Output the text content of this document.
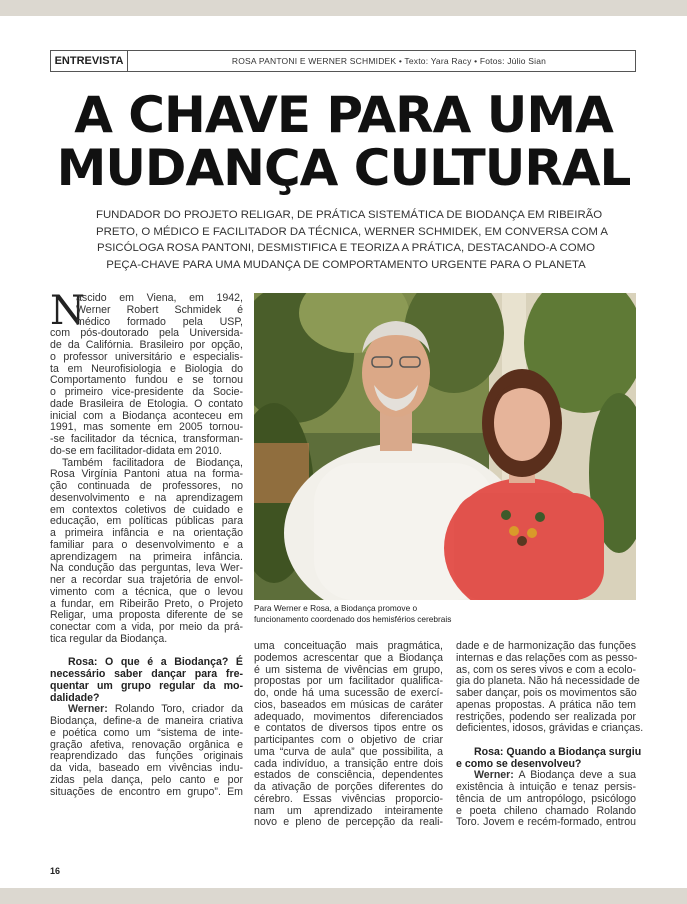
ENTREVISTA	ROSA PANTONI E WERNER SCHMIDEK • Texto: Yara Racy • Fotos: Júlio Sian
A CHAVE PARA UMA
MUDANÇA CULTURAL
FUNDADOR DO PROJETO RELIGAR, DE PRÁTICA SISTEMÁTICA DE BIODANÇA EM RIBEIRÃO
PRETO, O MÉDICO E FACILITADOR DA TÉCNICA, WERNER SCHMIDEK, EM CONVERSA COM A
PSICÓLOGA ROSA PANTONI, DESMISTIFICA E TEORIZA A PRÁTICA, DESTACANDO-A COMO
PEÇA-CHAVE PARA UMA MUDANÇA DE COMPORTAMENTO URGENTE PARA O PLANETA
N
ascido em Viena, em 1942,
Werner Robert Schmidek é
médico formado pela USP,
com pós-doutorado pela Universida-
de da Califórnia. Brasileiro por opção,
o professor universitário e especialis-
ta em Neurofisiologia e Biologia do
Comportamento fundou e se tornou
o primeiro vice-presidente da Socie-
dade Brasileira de Etologia. O contato
inicial com a Biodança aconteceu em
1991, mas somente em 2005 tornou-
-se facilitador da técnica, transforman-
do-se em facilitador-didata em 2010.
Também facilitadora de Biodança,
Rosa Virgínia Pantoni atua na forma-
ção continuada de professores, no
desenvolvimento e na aprendizagem
em contextos coletivos de cuidado e
educação, em políticas públicas para
a primeira infância e na orientação
familiar para o desenvolvimento e a
aprendizagem na primeira infância.
Na condução das perguntas, leva Wer-
ner a recordar sua trajetória de envol-
vimento com a técnica, que o levou
a fundar, em Ribeirão Preto, o Projeto
Religar, uma proposta diferente de se
conectar com a vida, por meio da prá-
tica regular da Biodança.
Rosa: O que é a Biodança? É
necessário saber dançar para fre-
quentar um grupo regular da mo-
dalidade?
Werner: Rolando Toro, criador da
Biodança, define-a de maneira criativa
e poética como um “sistema de inte-
gração afetiva, renovação orgânica e
reaprendizado das funções originais
da vida, baseado em vivências indu-
zidas pela dança, pelo canto e por
situações de encontro em grupo”. Em
Para Werner e Rosa, a Biodança promove o
funcionamento coordenado dos hemisférios cerebrais
uma conceituação mais pragmática,
podemos acrescentar que a Biodança
é um sistema de vivências em grupo,
propostas por um facilitador qualifica-
do, onde há uma sucessão de exercí-
cios, baseados em músicas de caráter
adequado, movimentos diferenciados
e contatos de diversos tipos entre os
participantes com o objetivo de criar
uma “curva de aula” que possibilita, a
cada indivíduo, a transição entre dois
estados de consciência, dependentes
da ativação de porções diferentes do
cérebro. Essas vivências proporcio-
nam um aprendizado inteiramente
novo e pleno de percepção da reali-
dade e de harmonização das funções
internas e das relações com as pesso-
as, com os seres vivos e com a ecolo-
gia do planeta. Não há necessidade de
saber dançar, pois os movimentos são
apenas propostas. A prática não tem
restrições, podendo ser realizada por
deficientes, idosos, grávidas e crianças.
Rosa: Quando a Biodança surgiu
e como se desenvolveu?
Werner: A Biodança deve a sua
existência à intuição e tenaz persis-
tência de um antropólogo, psicólogo
e poeta chileno chamado Rolando
Toro. Jovem e recém-formado, entrou
16
